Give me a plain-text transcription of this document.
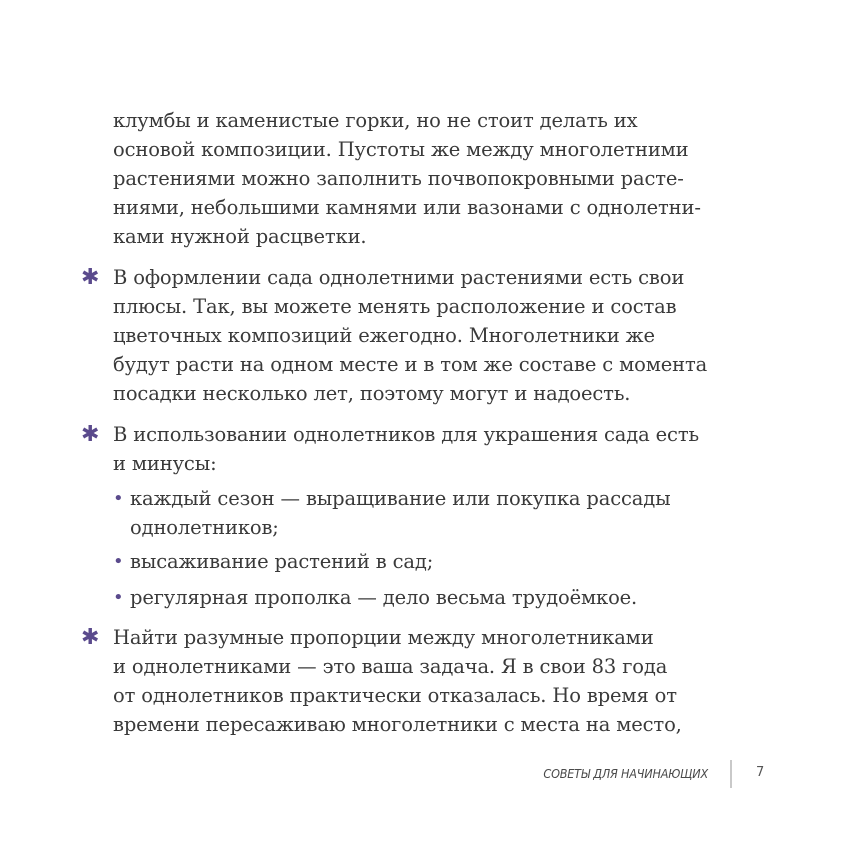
клумбы и каменистые горки, но не стоит делать их
основой композиции. Пустоты же между многолетними
растениями можно заполнить почвопокровными расте-
ниями, небольшими камнями или вазонами с однолетни-
ками нужной расцветки.
✱ В оформлении сада однолетними растениями есть свои
плюсы. Так, вы можете менять расположение и состав
цветочных композиций ежегодно. Многолетники же
будут расти на одном месте и в том же составе с момента
посадки несколько лет, поэтому могут и надоесть.
✱ В использовании однолетников для украшения сада есть
и минусы:
• каждый сезон — выращивание или покупка рассады
однолетников;
• высаживание растений в сад;
• регулярная прополка — дело весьма трудоёмкое.
✱ Найти разумные пропорции между многолетниками
и однолетниками — это ваша задача. Я в свои 83 года
от однолетников практически отказалась. Но время от
времени пересаживаю многолетники с места на место,
СОВЕТЫ ДЛЯ НАЧИНАЮЩИХ	7
